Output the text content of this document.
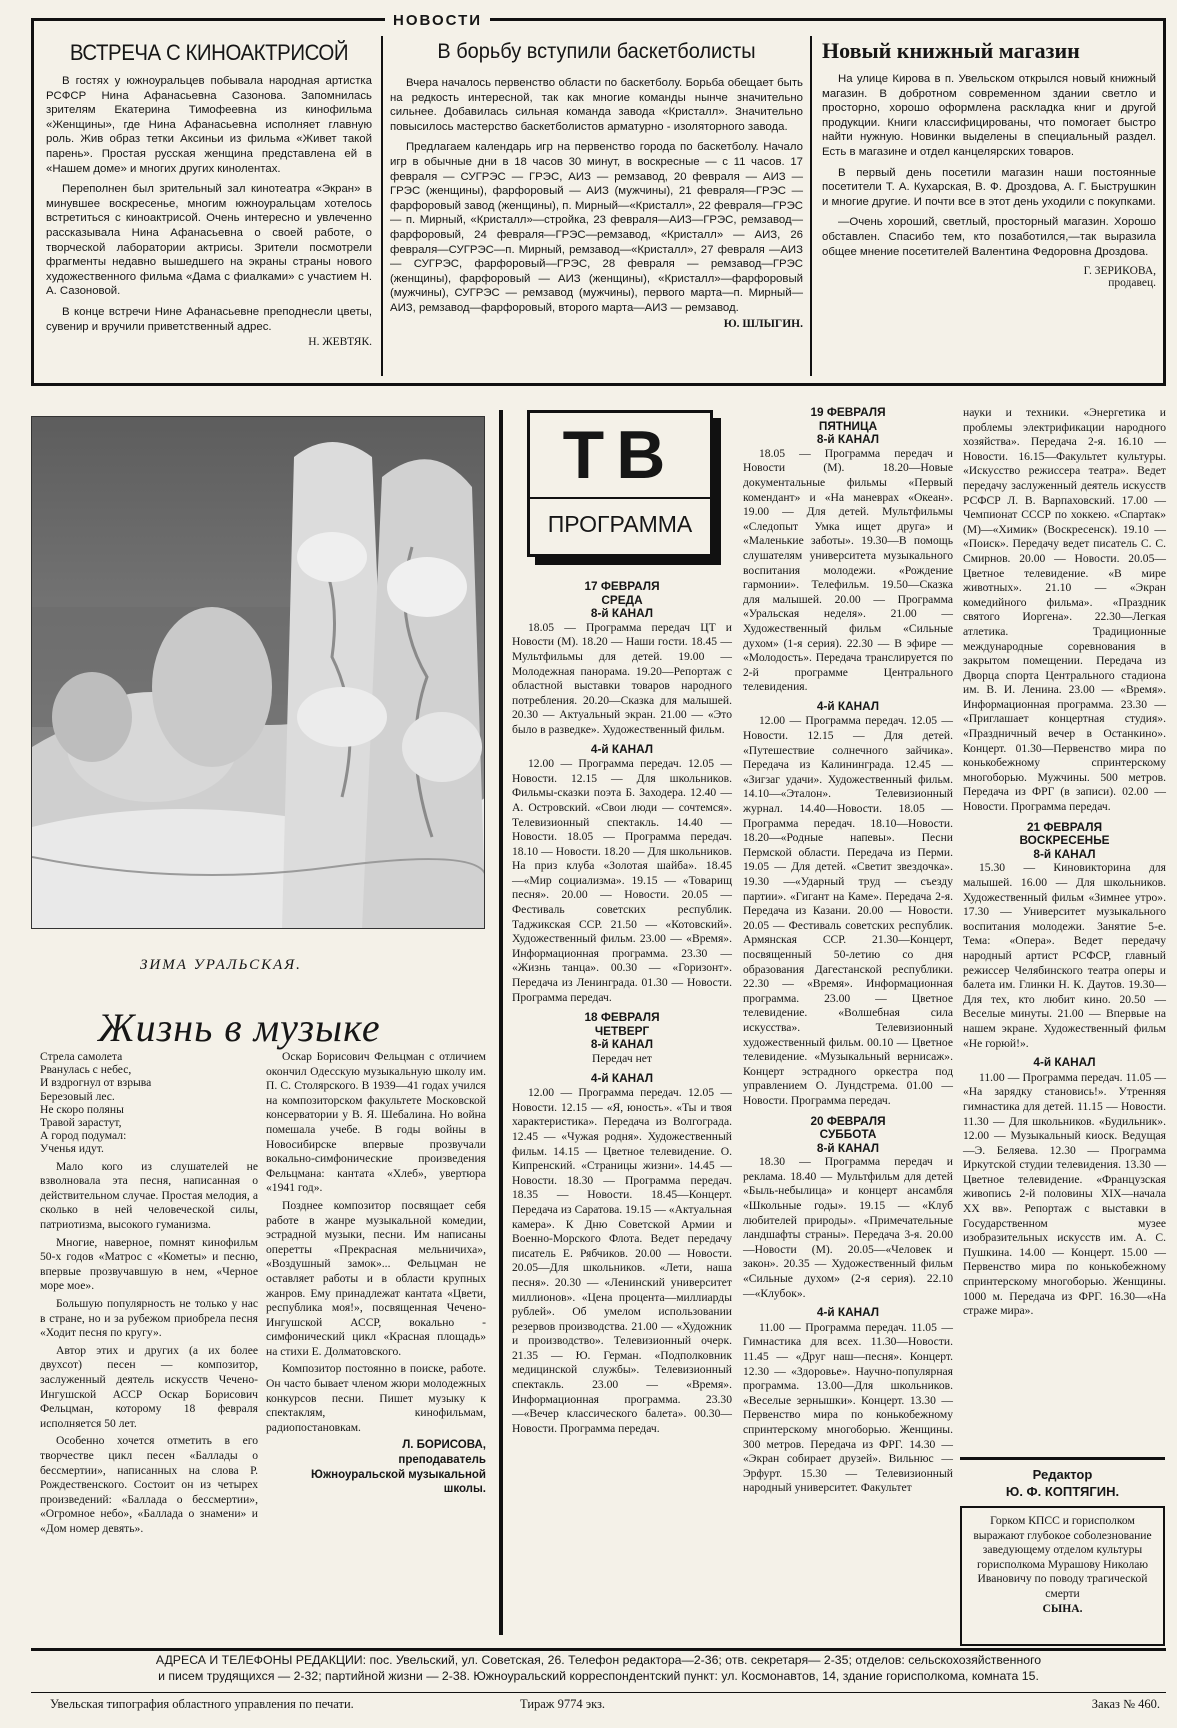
НОВОСТИ
ВСТРЕЧА С КИНОАКТРИСОЙ

В гостях у южноуральцев побывала народная артистка РСФСР Нина Афанасьевна Сазонова. Запомнилась зрителям Екатерина Тимофеевна из кинофильма «Женщины», где Нина Афанасьевна исполняет главную роль. Жив образ тетки Аксиньи из фильма «Живет такой парень». Простая русская женщина представлена ей в «Нашем доме» и многих других кинолентах.

Переполнен был зрительный зал кинотеатра «Экран» в минувшее воскресенье, многим южноуральцам хотелось встретиться с киноактрисой. Очень интересно и увлеченно рассказывала Нина Афанасьевна о своей работе, о творческой лаборатории актрисы. Зрители посмотрели фрагменты недавно вышедшего на экраны страны нового художественного фильма «Дама с фиалками» с участием Н. А. Сазоновой.

В конце встречи Нине Афанасьевне преподнесли цветы, сувенир и вручили приветственный адрес.

Н. ЖЕВТЯК.
В борьбу вступили баскетболисты

Вчера началось первенство области по баскетболу. Борьба обещает быть на редкость интересной, так как многие команды нынче значительно сильнее. Добавилась сильная команда завода «Кристалл». Значительно повысилось мастерство баскетболистов арматурно - изоляторного завода.

Предлагаем календарь игр на первенство города по баскетболу. Начало игр в обычные дни в 18 часов 30 минут, в воскресные — с 11 часов. 17 февраля — СУГРЭС — ГРЭС, АИЗ — ремзавод, 20 февраля — АИЗ — ГРЭС (женщины), фарфоровый — АИЗ (мужчины), 21 февраля—ГРЭС — фарфоровый завод (женщины), п. Мирный—«Кристалл», 22 февраля—ГРЭС — п. Мирный, «Кристалл»—стройка, 23 февраля—АИЗ—ГРЭС, ремзавод—фарфоровый, 24 февраля—ГРЭС—ремзавод, «Кристалл» — АИЗ, 26 февраля—СУГРЭС—п. Мирный, ремзавод—«Кристалл», 27 февраля —АИЗ — СУГРЭС, фарфоровый—ГРЭС, 28 февраля — ремзавод—ГРЭС (женщины), фарфоровый — АИЗ (женщины), «Кристалл»—фарфоровый (мужчины), СУГРЭС — ремзавод (мужчины), первого марта—п. Мирный—АИЗ, ремзавод—фарфоровый, второго марта—АИЗ — ремзавод.

Ю. ШЛЫГИН.
Новый книжный магазин

На улице Кирова в п. Увельском открылся новый книжный магазин. В добротном современном здании светло и просторно, хорошо оформлена раскладка книг и другой продукции. Книги классифицированы, что помогает быстро найти нужную. Новинки выделены в специальный раздел. Есть в магазине и отдел канцелярских товаров.

В первый день посетили магазин наши постоянные посетители Т. А. Кухарская, В. Ф. Дроздова, А. Г. Быструшкин и многие другие. И почти все в этот день уходили с покупками.

—Очень хороший, светлый, просторный магазин. Хорошо обставлен. Спасибо тем, кто позаботился,—так выразила общее мнение посетителей Валентина Федоровна Дроздова.

Г. ЗЕРИКОВА,
продавец.
ЗИМА УРАЛЬСКАЯ.
Жизнь в музыке
Стрела самолета
Рванулась с небес,
И вздрогнул от взрыва
Березовый лес.
Не скоро поляны
Травой зарастут,
А город подумал:
Ученья идут.

Мало кого из слушателей не взволновала эта песня, написанная о действительном случае. Простая мелодия, а сколько в ней человеческой силы, патриотизма, высокого гуманизма.

Многие, наверное, помнят кинофильм 50-х годов «Матрос с «Кометы» и песню, впервые прозвучавшую в нем, «Черное море мое».

Большую популярность не только у нас в стране, но и за рубежом приобрела песня «Ходит песня по кругу».

Автор этих и других (а их более двухсот) песен — композитор, заслуженный деятель искусств Чечено-Ингушской АССР Оскар Борисович Фельцман, которому 18 февраля исполняется 50 лет.

Особенно хочется отметить в его творчестве цикл песен «Баллады о бессмертии», написанных на слова Р. Рождественского. Состоит он из четырех произведений: «Баллада о бессмертии», «Огромное небо», «Баллада о знамени» и «Дом номер девять».

Оскар Борисович Фельцман с отличием окончил Одесскую музыкальную школу им. П. С. Столярского. В 1939—41 годах учился на композиторском факультете Московской консерватории у В. Я. Шебалина. Но война помешала учебе. В годы войны в Новосибирске впервые прозвучали вокально-симфонические произведения Фельцмана: кантата «Хлеб», увертюра «1941 год».

Позднее композитор посвящает себя работе в жанре музыкальной комедии, эстрадной музыки, песни. Им написаны оперетты «Прекрасная мельничиха», «Воздушный замок»... Фельцман не оставляет работы и в области крупных жанров. Ему принадлежат кантата «Цвети, республика моя!», посвященная Чечено-Ингушской АССР, вокально - симфонический цикл «Красная площадь» на стихи Е. Долматовского.

Композитор постоянно в поиске, работе. Он часто бывает членом жюри молодежных конкурсов песни. Пишет музыку к спектаклям, кинофильмам, радиопостановкам.

Л. БОРИСОВА,
преподаватель Южноуральской музыкальной школы.
ТВ
ПРОГРАММА
17 ФЕВРАЛЯ
СРЕДА
8-й КАНАЛ

18.05 — Программа передач ЦТ и Новости (М). 18.20 — Наши гости. 18.45 — Мультфильмы для детей. 19.00 — Молодежная панорама. 19.20—Репортаж с областной выставки товаров народного потребления. 20.20—Сказка для малышей. 20.30 — Актуальный экран. 21.00 — «Это было в разведке». Художественный фильм.

4-й КАНАЛ

12.00 — Программа передач. 12.05 — Новости. 12.15 — Для школьников. Фильмы-сказки поэта Б. Заходера. 12.40 — А. Островский. «Свои люди — сочтемся». Телевизионный спектакль. 14.40 — Новости. 18.05 — Программа передач. 18.10 — Новости. 18.20 — Для школьников. На приз клуба «Золотая шайба». 18.45—«Мир социализма». 19.15 — «Товарищ песня». 20.00 — Новости. 20.05 — Фестиваль советских республик. Таджикская ССР. 21.50 — «Котовский». Художественный фильм. 23.00 — «Время». Информационная программа. 23.30 — «Жизнь танца». 00.30 — «Горизонт». Передача из Ленинграда. 01.30 — Новости. Программа передач.

18 ФЕВРАЛЯ
ЧЕТВЕРГ
8-й КАНАЛ
Передач нет
4-й КАНАЛ

12.00 — Программа передач. 12.05 — Новости. 12.15 — «Я, юность». «Ты и твоя характеристика». Передача из Волгограда. 12.45 — «Чужая родня». Художественный фильм. 14.15 — Цветное телевидение. О. Кипренский. «Страницы жизни». 14.45 — Новости. 18.30 — Программа передач. 18.35 — Новости. 18.45—Концерт. Передача из Саратова. 19.15 — «Актуальная камера». К Дню Советской Армии и Военно-Морского Флота. Ведет передачу писатель Е. Рябчиков. 20.00 — Новости. 20.05—Для школьников. «Лети, наша песня». 20.30 — «Ленинский университет миллионов». «Цена процента—миллиарды рублей». Об умелом использовании резервов производства. 21.00 — «Художник и производство». Телевизионный очерк. 21.35 — Ю. Герман. «Подполковник медицинской службы». Телевизионный спектакль. 23.00 — «Время». Информационная программа. 23.30—«Вечер классического балета». 00.30—Новости. Программа передач.

19 ФЕВРАЛЯ
ПЯТНИЦА
8-й КАНАЛ

18.05 — Программа передач и Новости (М). 18.20—Новые документальные фильмы «Первый комендант» и «На маневрах «Океан». 19.00 — Для детей. Мультфильмы «Следопыт Умка ищет друга» и «Маленькие заботы». 19.30—В помощь слушателям университета музыкального воспитания молодежи. «Рождение гармонии». Телефильм. 19.50—Сказка для малышей. 20.00 — Программа «Уральская неделя». 21.00 — Художественный фильм «Сильные духом» (1-я серия). 22.30 — В эфире — «Молодость». Передача транслируется по 2-й программе Центрального телевидения.

4-й КАНАЛ

12.00 — Программа передач. 12.05 — Новости. 12.15 — Для детей. «Путешествие солнечного зайчика». Передача из Калининграда. 12.45 — «Зигзаг удачи». Художественный фильм. 14.10—«Эталон». Телевизионный журнал. 14.40—Новости. 18.05 — Программа передач. 18.10—Новости. 18.20—«Родные напевы». Песни Пермской области. Передача из Перми. 19.05 — Для детей. «Светит звездочка». 19.30 —«Ударный труд — съезду партии». «Гигант на Каме». Передача 2-я. Передача из Казани. 20.00 — Новости. 20.05 — Фестиваль советских республик. Армянская ССР. 21.30—Концерт, посвященный 50-летию со дня образования Дагестанской республики. 22.30 — «Время». Информационная программа. 23.00 — Цветное телевидение. «Волшебная сила искусства». Телевизионный художественный фильм. 00.10 — Цветное телевидение. «Музыкальный вернисаж». Концерт эстрадного оркестра под управлением О. Лундстрема. 01.00 — Новости. Программа передач.

20 ФЕВРАЛЯ
СУББОТА
8-й КАНАЛ

18.30 — Программа передач и реклама. 18.40 — Мультфильм для детей «Быль-небылица» и концерт ансамбля «Школьные годы». 19.15 — «Клуб любителей природы». «Примечательные ландшафты страны». Передача 3-я. 20.00—Новости (М). 20.05—«Человек и закон». 20.35 — Художественный фильм «Сильные духом» (2-я серия). 22.10—«Клубок».

4-й КАНАЛ

11.00 — Программа передач. 11.05 — Гимнастика для всех. 11.30—Новости. 11.45 — «Друг наш—песня». Концерт. 12.30 — «Здоровье». Научно-популярная программа. 13.00—Для школьников. «Веселые зернышки». Концерт. 13.30 — Первенство мира по конькобежному спринтерскому многоборью. Женщины. 300 метров. Передача из ФРГ. 14.30 — «Экран собирает друзей». Вильнюс — Эрфурт. 15.30 — Телевизионный народный университет. Факультет

науки и техники. «Энергетика и проблемы электрификации народного хозяйства». Передача 2-я. 16.10 — Новости. 16.15—Факультет культуры. «Искусство режиссера театра». Ведет передачу заслуженный деятель искусств РСФСР Л. В. Варпаховский. 17.00 — Чемпионат СССР по хоккею. «Спартак» (М)—«Химик» (Воскресенск). 19.10 — «Поиск». Передачу ведет писатель С. С. Смирнов. 20.00 — Новости. 20.05—Цветное телевидение. «В мире животных». 21.10 — «Экран комедийного фильма». «Праздник святого Иоргена». 22.30—Легкая атлетика. Традиционные международные соревнования в закрытом помещении. Передача из Дворца спорта Центрального стадиона им. В. И. Ленина. 23.00 — «Время». Информационная программа. 23.30 — «Приглашает концертная студия». «Праздничный вечер в Останкино». Концерт. 01.30—Первенство мира по конькобежному спринтерскому многоборью. Мужчины. 500 метров. Передача из ФРГ (в записи). 02.00 — Новости. Программа передач.

21 ФЕВРАЛЯ
ВОСКРЕСЕНЬЕ
8-й КАНАЛ

15.30 — Кинoвикторина для малышей. 16.00 — Для школьников. Художественный фильм «Зимнее утро». 17.30 — Университет музыкального воспитания молодежи. Занятие 5-е. Тема: «Опера». Ведет передачу народный артист РСФСР, главный режиссер Челябинского театра оперы и балета им. Глинки Н. К. Даутов. 19.30—Для тех, кто любит кино. 20.50 — Веселые минуты. 21.00 — Впервые на нашем экране. Художественный фильм «Не горюй!».

4-й КАНАЛ

11.00 — Программа передач. 11.05 — «На зарядку становись!». Утренняя гимнастика для детей. 11.15 — Новости. 11.30 — Для школьников. «Будильник». 12.00 — Музыкальный киоск. Ведущая—Э. Беляева. 12.30 — Программа Иркутской студии телевидения. 13.30 — Цветное телевидение. «Французская живопись 2-й половины XIX—начала XX вв». Репортаж с выставки в Государственном музее изобразительных искусств им. А. С. Пушкина. 14.00 — Концерт. 15.00 — Первенство мира по конькобежному спринтерскому многоборью. Женщины. 1000 м. Передача из ФРГ. 16.30—«На страже мира».

Редактор
Ю. Ф. КОПТЯГИН.
Горком КПСС и горисполком выражают глубокое соболезнование заведующему отделом культуры горисполкома Мурашову Николаю Ивановичу по поводу трагической смерти
СЫНА.
АДРЕСА И ТЕЛЕФОНЫ РЕДАКЦИИ: пос. Увельский, ул. Советская, 26. Телефон редактора—2-36; отв. секретаря— 2-35; отделов: сельскохозяйственного
и писем трудящихся — 2-32; партийной жизни — 2-38. Южноуральский корреспондентский пункт: ул. Космонавтов, 14, здание горисполкома, комната 15.
Увельская типография областного управления по печати.	Тираж 9774 экз.	Заказ № 460.
